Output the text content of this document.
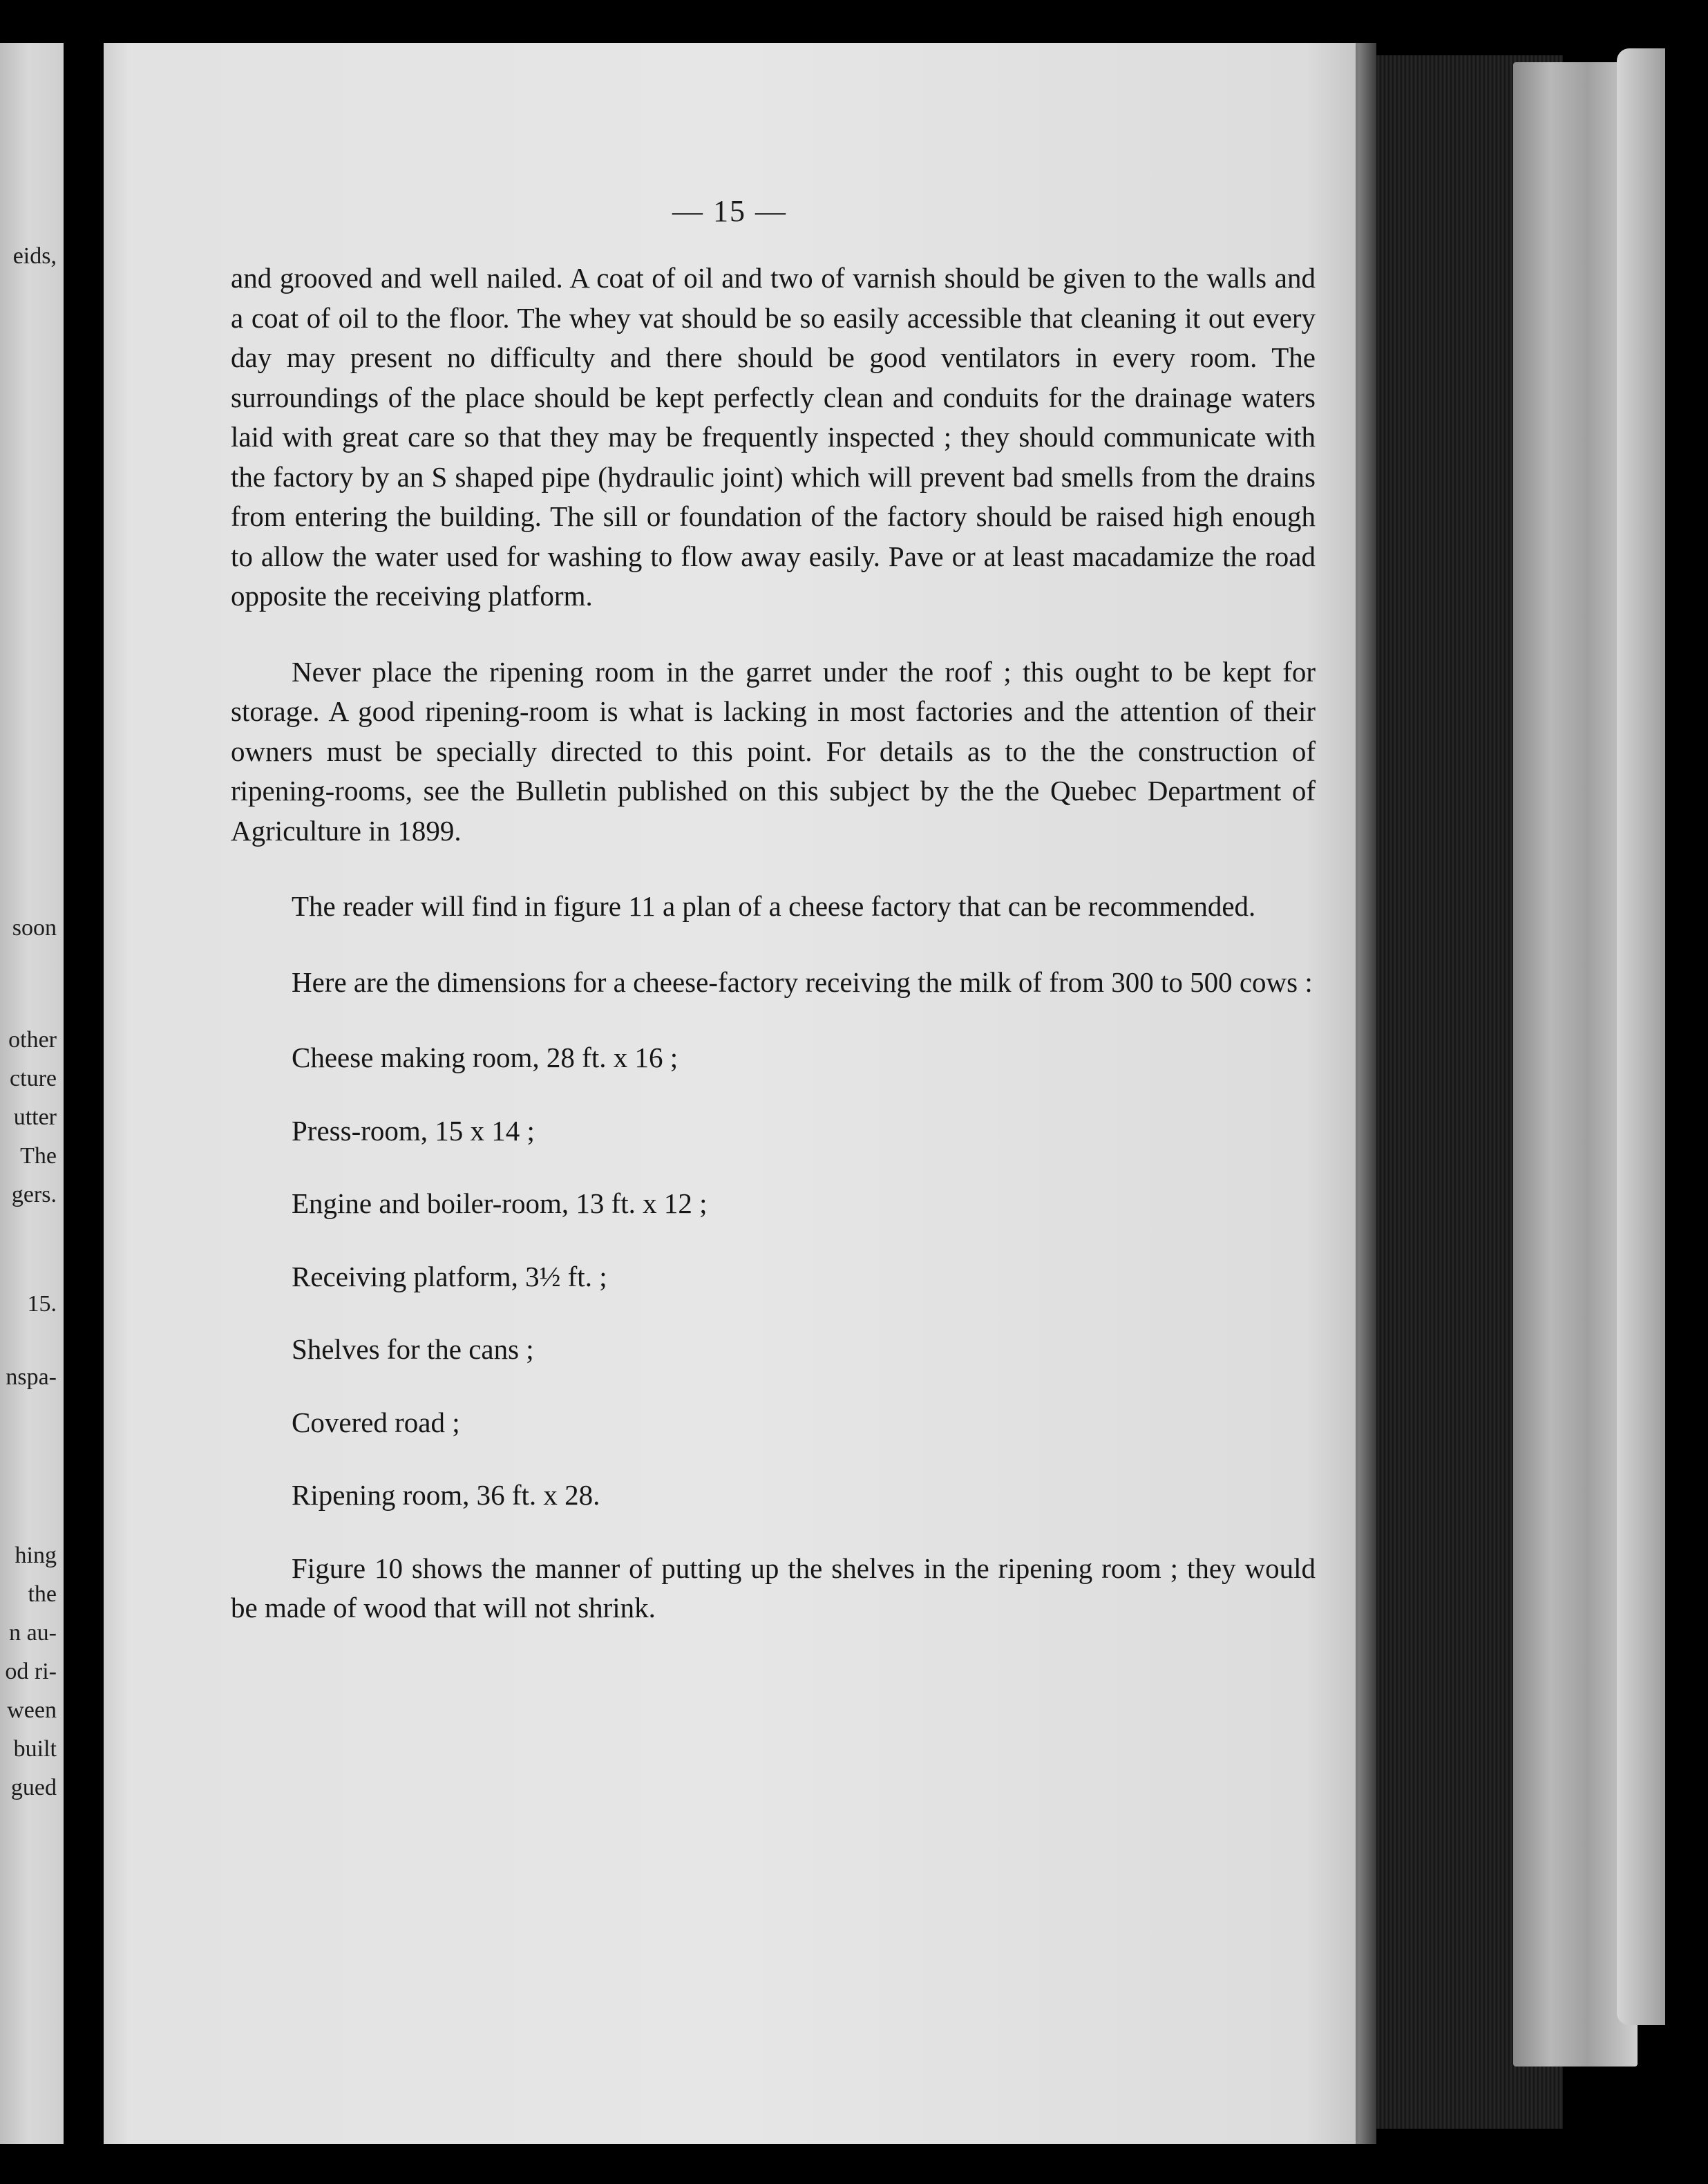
eids,
soon
other
cture
utter
The
gers.
15.
nspa-
hing
the
n au-
od ri-
ween
built
gued
— 15 —

and grooved and well nailed. A coat of oil and two of varnish should be given to the walls and a coat of oil to the floor. The whey vat should be so easily accessible that cleaning it out every day may present no difficulty and there should be good ventilators in every room. The surroundings of the place should be kept perfectly clean and conduits for the drainage waters laid with great care so that they may be frequently inspected ; they should communicate with the factory by an S shaped pipe (hydraulic joint) which will prevent bad smells from the drains from entering the building. The sill or foundation of the factory should be raised high enough to allow the water used for washing to flow away easily. Pave or at least macadamize the road opposite the receiving platform.

Never place the ripening room in the garret under the roof ; this ought to be kept for storage. A good ripening-room is what is lacking in most factories and the attention of their owners must be specially directed to this point. For details as to the the construction of ripening-rooms, see the Bulletin published on this subject by the the Quebec Department of Agriculture in 1899.

The reader will find in figure 11 a plan of a cheese factory that can be recommended.

Here are the dimensions for a cheese-factory receiving the milk of from 300 to 500 cows :

Cheese making room, 28 ft. x 16 ;
Press-room, 15 x 14 ;
Engine and boiler-room, 13 ft. x 12 ;
Receiving platform, 3½ ft. ;
Shelves for the cans ;
Covered road ;
Ripening room, 36 ft. x 28.

Figure 10 shows the manner of putting up the shelves in the ripening room ; they would be made of wood that will not shrink.
